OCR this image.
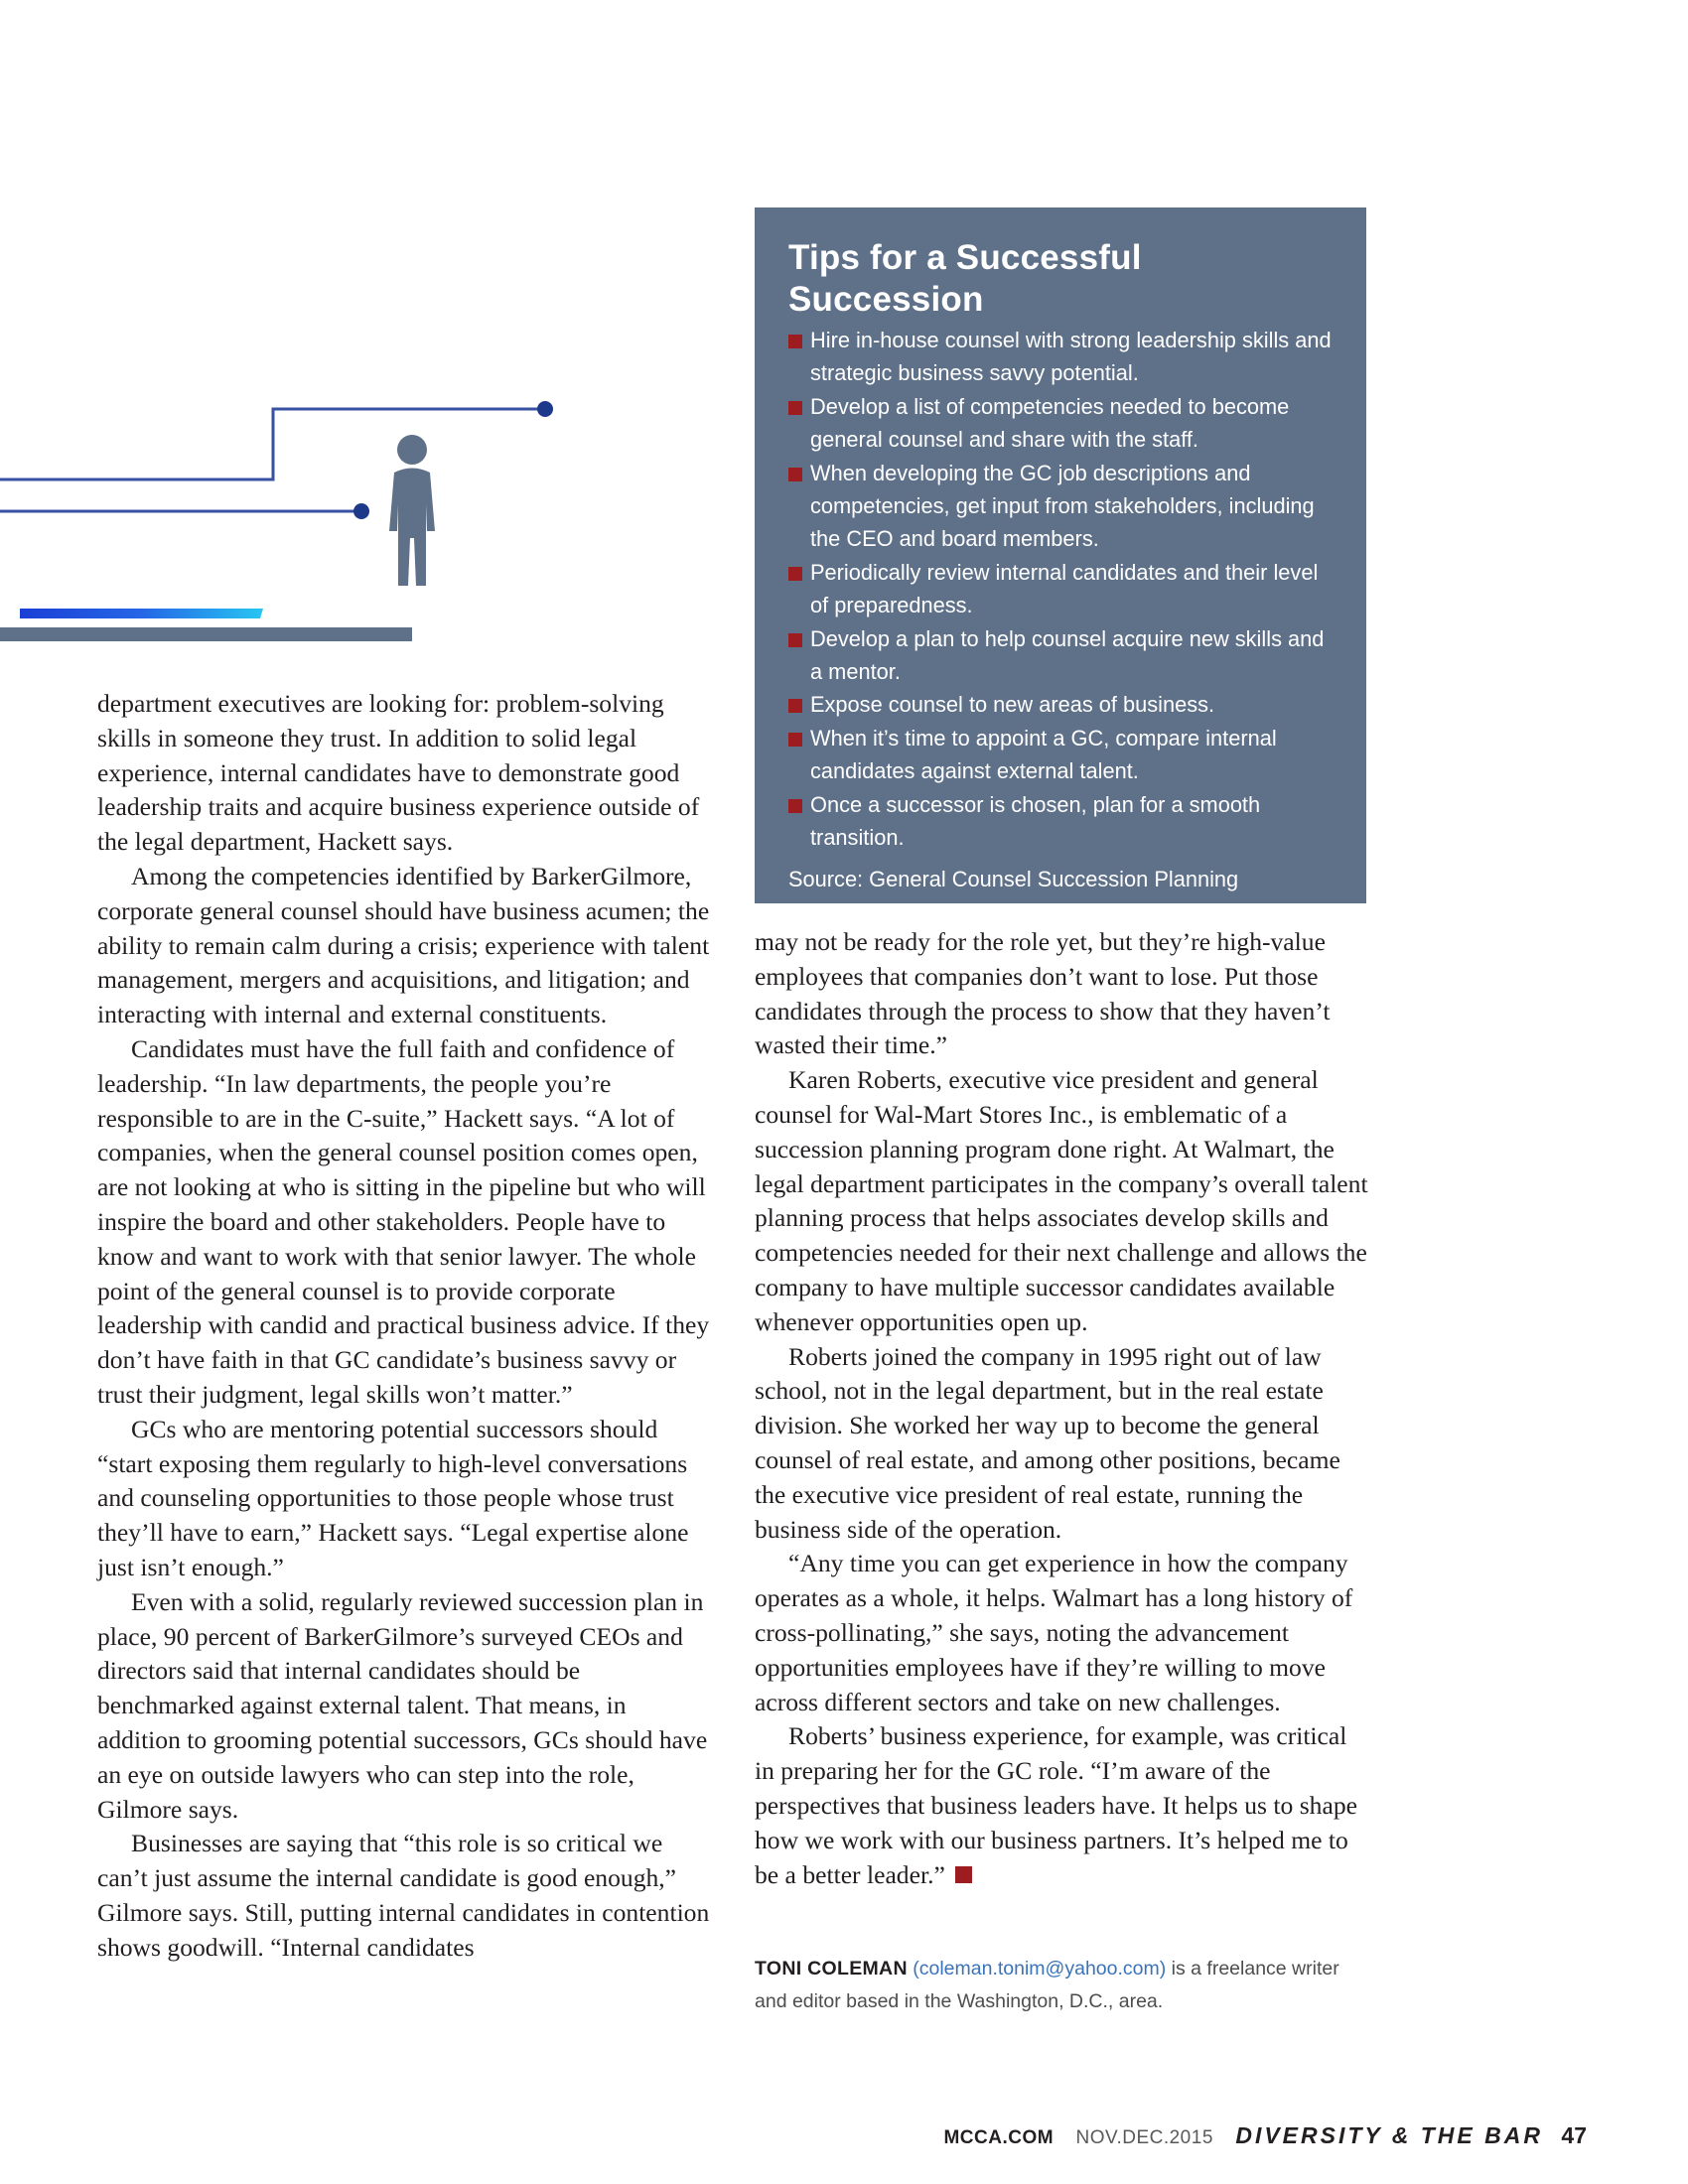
Tips for a Successful Succession
Hire in-house counsel with strong leadership skills and strategic business savvy potential.
Develop a list of competencies needed to become general counsel and share with the staff.
When developing the GC job descriptions and competencies, get input from stakeholders, including the CEO and board members.
Periodically review internal candidates and their level of preparedness.
Develop a plan to help counsel acquire new skills and a mentor.
Expose counsel to new areas of business.
When it’s time to appoint a GC, compare internal candidates against external talent.
Once a successor is chosen, plan for a smooth transition.
Source: General Counsel Succession Planning Practices from the Pros, BarkerGilmore

department executives are looking for: problem-solving skills in someone they trust. In addition to solid legal experience, internal candidates have to demonstrate good leadership traits and acquire business experience outside of the legal department, Hackett says.

Among the competencies identified by BarkerGilmore, corporate general counsel should have business acumen; the ability to remain calm during a crisis; experience with talent management, mergers and acquisitions, and litigation; and interacting with internal and external constituents.

Candidates must have the full faith and confidence of leadership. “In law departments, the people you’re responsible to are in the C-suite,” Hackett says. “A lot of companies, when the general counsel position comes open, are not looking at who is sitting in the pipeline but who will inspire the board and other stakeholders. People have to know and want to work with that senior lawyer. The whole point of the general counsel is to provide corporate leadership with candid and practical business advice. If they don’t have faith in that GC candidate’s business savvy or trust their judgment, legal skills won’t matter.”

GCs who are mentoring potential successors should “start exposing them regularly to high-level conversations and counseling opportunities to those people whose trust they’ll have to earn,” Hackett says. “Legal expertise alone just isn’t enough.”

Even with a solid, regularly reviewed succession plan in place, 90 percent of BarkerGilmore’s surveyed CEOs and directors said that internal candidates should be benchmarked against external talent. That means, in addition to grooming potential successors, GCs should have an eye on outside lawyers who can step into the role, Gilmore says.

Businesses are saying that “this role is so critical we can’t just assume the internal candidate is good enough,” Gilmore says. Still, putting internal candidates in contention shows goodwill. “Internal candidates

may not be ready for the role yet, but they’re high-value employees that companies don’t want to lose. Put those candidates through the process to show that they haven’t wasted their time.”

Karen Roberts, executive vice president and general counsel for Wal-Mart Stores Inc., is emblematic of a succession planning program done right. At Walmart, the legal department participates in the company’s overall talent planning process that helps associates develop skills and competencies needed for their next challenge and allows the company to have multiple successor candidates available whenever opportunities open up.

Roberts joined the company in 1995 right out of law school, not in the legal department, but in the real estate division. She worked her way up to become the general counsel of real estate, and among other positions, became the executive vice president of real estate, running the business side of the operation.

“Any time you can get experience in how the company operates as a whole, it helps. Walmart has a long history of cross-pollinating,” she says, noting the advancement opportunities employees have if they’re willing to move across different sectors and take on new challenges.

Roberts’ business experience, for example, was critical in preparing her for the GC role. “I’m aware of the perspectives that business leaders have. It helps us to shape how we work with our business partners. It’s helped me to be a better leader.”

TONI COLEMAN (coleman.tonim@yahoo.com) is a freelance writer and editor based in the Washington, D.C., area.
MCCA.COM NOV.DEC.2015 DIVERSITY & THE BAR 47
